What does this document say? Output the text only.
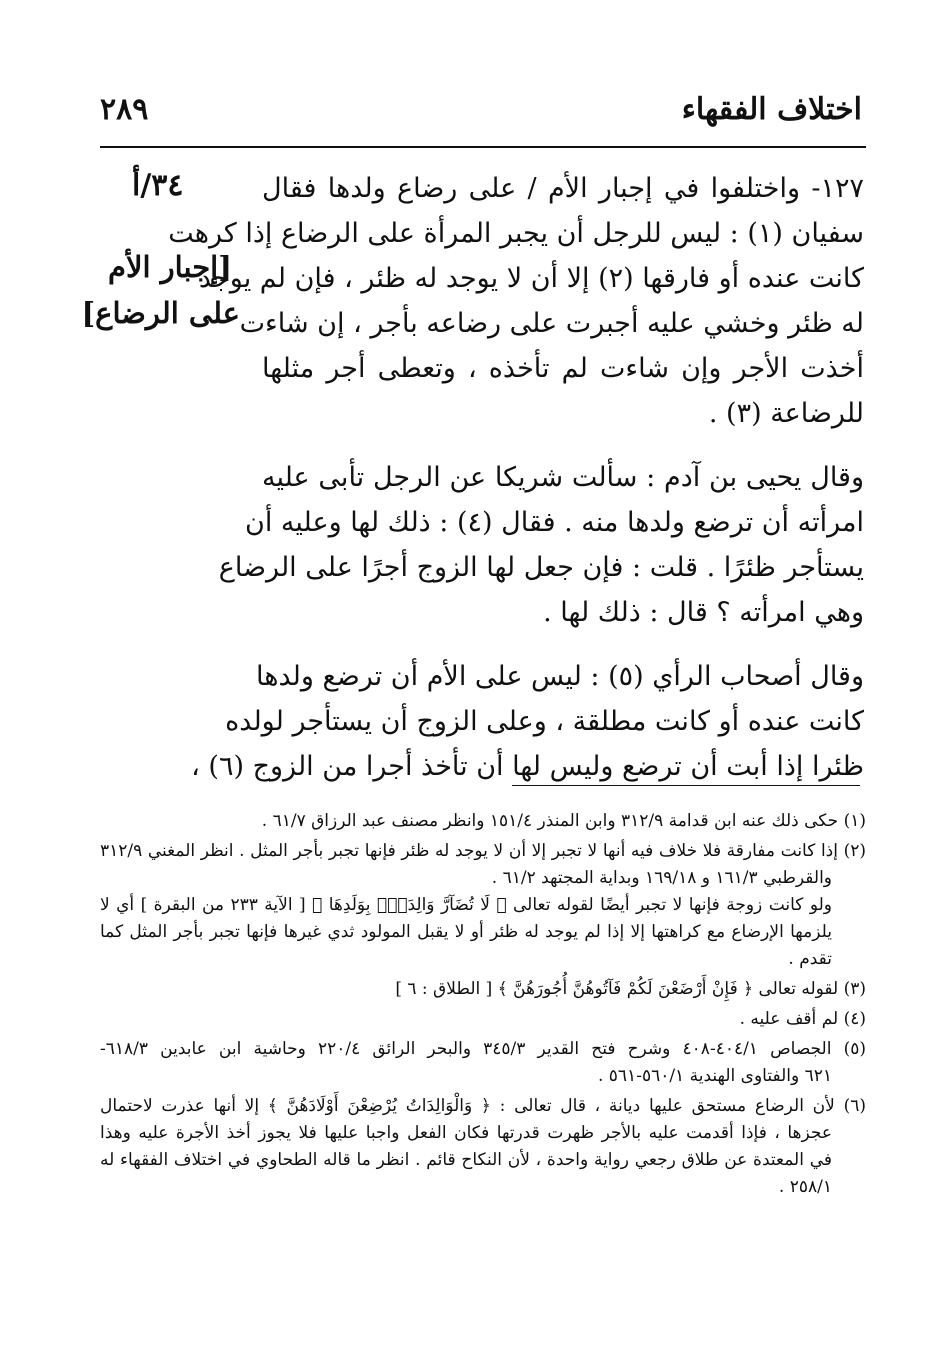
اختلاف الفقهاء
٢٨٩
٣٤/أ
[إجبار الأم
على الرضاع]
١٢٧- واختلفوا في إجبار الأم / على رضاع ولدها فقال
سفيان (١) : ليس للرجل أن يجبر المرأة على الرضاع إذا كرهت
كانت عنده أو فارقها (٢) إلا أن لا يوجد له ظئر ، فإن لم يوجد
له ظئر وخشي عليه أجبرت على رضاعه بأجر ، إن شاءت
أخذت الأجر وإن شاءت لم تأخذه ، وتعطى أجر مثلها
للرضاعة (٣) .
وقال يحيى بن آدم : سألت شريكا عن الرجل تأبى عليه
امرأته أن ترضع ولدها منه . فقال (٤) : ذلك لها وعليه أن
يستأجر ظئرًا . قلت : فإن جعل لها الزوج أجرًا على الرضاع
وهي امرأته ؟ قال : ذلك لها .
وقال أصحاب الرأي (٥) : ليس على الأم أن ترضع ولدها
كانت عنده أو كانت مطلقة ، وعلى الزوج أن يستأجر لولده
ظئرا إذا أبت أن ترضع وليس لها أن تأخذ أجرا من الزوج (٦) ،
(١) حكى ذلك عنه ابن قدامة ٣١٢/٩ وابن المنذر ١٥١/٤ وانظر مصنف عبد الرزاق ٦١/٧ .
(٢) إذا كانت مفارقة فلا خلاف فيه أنها لا تجبر إلا أن لا يوجد له ظئر فإنها تجبر بأجر المثل . انظر المغني ٣١٢/٩
والقرطبي ١٦١/٣ و ١٦٩/١٨ وبداية المجتهد ٦١/٢ .
ولو كانت زوجة فإنها لا تجبر أيضًا لقوله تعالى ﴿ لَا تُضَآرَّ وَالِدَةٌۢ بِوَلَدِهَا ﴾ [ الآية ٢٣٣ من البقرة ] أي لا
يلزمها الإرضاع مع كراهتها إلا إذا لم يوجد له ظئر أو لا يقبل المولود ثدي غيرها فإنها تجبر بأجر المثل كما
تقدم .
(٣) لقوله تعالى ﴿ فَإِنْ أَرْضَعْنَ لَكُمْ فَآتُوهُنَّ أُجُورَهُنَّ ﴾ [ الطلاق : ٦ ]
(٤) لم أقف عليه .
(٥) الجصاص ٤٠٤/١-٤٠٨ وشرح فتح القدير ٣٤٥/٣ والبحر الرائق ٢٢٠/٤ وحاشية ابن عابدين ٦١٨/٣-
٦٢١ والفتاوى الهندية ٥٦٠/١-٥٦١ .
(٦) لأن الرضاع مستحق عليها ديانة ، قال تعالى : ﴿ وَالْوَالِدَاتُ يُرْضِعْنَ أَوْلَادَهُنَّ ﴾ إلا أنها عذرت لاحتمال
عجزها ، فإذا أقدمت عليه بالأجر ظهرت قدرتها فكان الفعل واجبا عليها فلا يجوز أخذ الأجرة عليه وهذا
في المعتدة عن طلاق رجعي رواية واحدة ، لأن النكاح قائم . انظر ما قاله الطحاوي في اختلاف الفقهاء له
٢٥٨/١ .
